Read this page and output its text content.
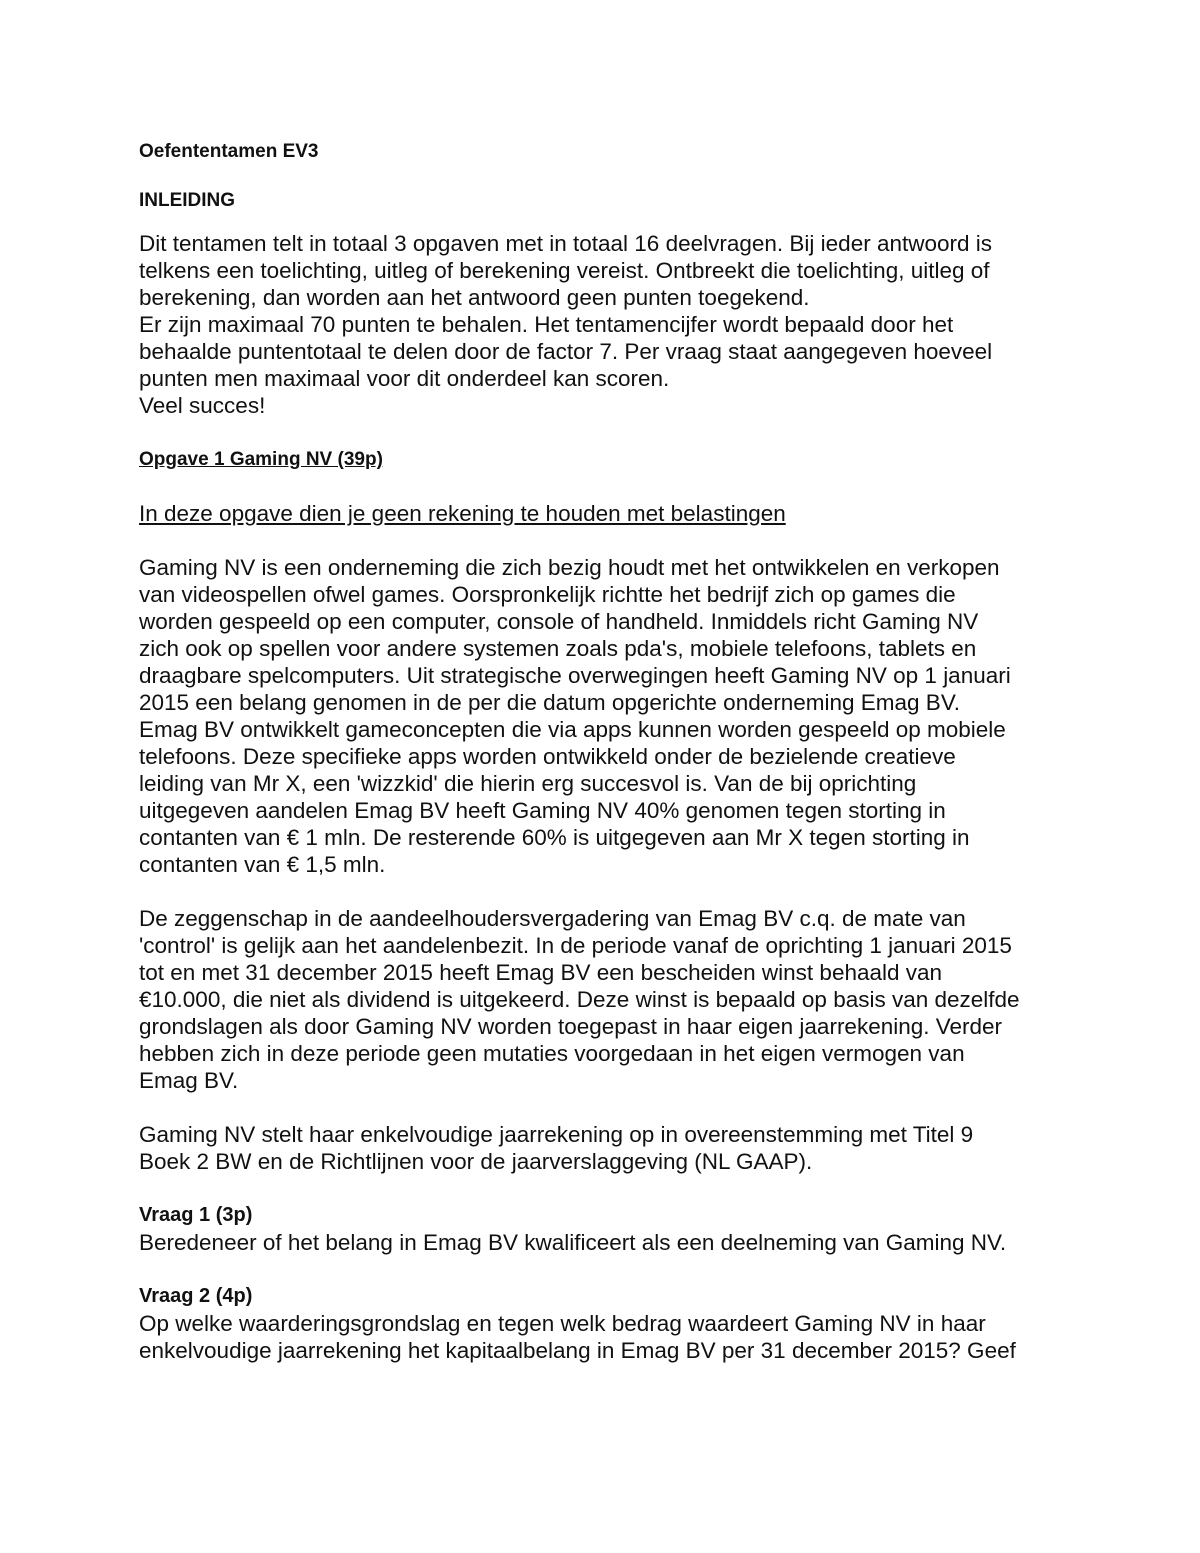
Oefententamen EV3
INLEIDING
Dit tentamen telt in totaal 3 opgaven met in totaal 16 deelvragen. Bij ieder antwoord is
telkens een toelichting, uitleg of berekening vereist. Ontbreekt die toelichting, uitleg of
berekening, dan worden aan het antwoord geen punten toegekend.
Er zijn maximaal 70 punten te behalen. Het tentamencijfer wordt bepaald door het
behaalde puntentotaal te delen door de factor 7. Per vraag staat aangegeven hoeveel
punten men maximaal voor dit onderdeel kan scoren.
Veel succes!
Opgave 1 Gaming NV (39p)
In deze opgave dien je geen rekening te houden met belastingen
Gaming NV is een onderneming die zich bezig houdt met het ontwikkelen en verkopen
van videospellen ofwel games. Oorspronkelijk richtte het bedrijf zich op games die
worden gespeeld op een computer, console of handheld. Inmiddels richt Gaming NV
zich ook op spellen voor andere systemen zoals pda's, mobiele telefoons, tablets en
draagbare spelcomputers. Uit strategische overwegingen heeft Gaming NV op 1 januari
2015 een belang genomen in de per die datum opgerichte onderneming Emag BV.
Emag BV ontwikkelt gameconcepten die via apps kunnen worden gespeeld op mobiele
telefoons. Deze specifieke apps worden ontwikkeld onder de bezielende creatieve
leiding van Mr X, een 'wizzkid' die hierin erg succesvol is. Van de bij oprichting
uitgegeven aandelen Emag BV heeft Gaming NV 40% genomen tegen storting in
contanten van € 1 mln. De resterende 60% is uitgegeven aan Mr X tegen storting in
contanten van € 1,5 mln.
De zeggenschap in de aandeelhoudersvergadering van Emag BV c.q. de mate van
'control' is gelijk aan het aandelenbezit. In de periode vanaf de oprichting 1 januari 2015
tot en met 31 december 2015 heeft Emag BV een bescheiden winst behaald van
€10.000, die niet als dividend is uitgekeerd. Deze winst is bepaald op basis van dezelfde
grondslagen als door Gaming NV worden toegepast in haar eigen jaarrekening. Verder
hebben zich in deze periode geen mutaties voorgedaan in het eigen vermogen van
Emag BV.
Gaming NV stelt haar enkelvoudige jaarrekening op in overeenstemming met Titel 9
Boek 2 BW en de Richtlijnen voor de jaarverslaggeving (NL GAAP).
Vraag 1 (3p)
Beredeneer of het belang in Emag BV kwalificeert als een deelneming van Gaming NV.
Vraag 2 (4p)
Op welke waarderingsgrondslag en tegen welk bedrag waardeert Gaming NV in haar
enkelvoudige jaarrekening het kapitaalbelang in Emag BV per 31 december 2015? Geef
